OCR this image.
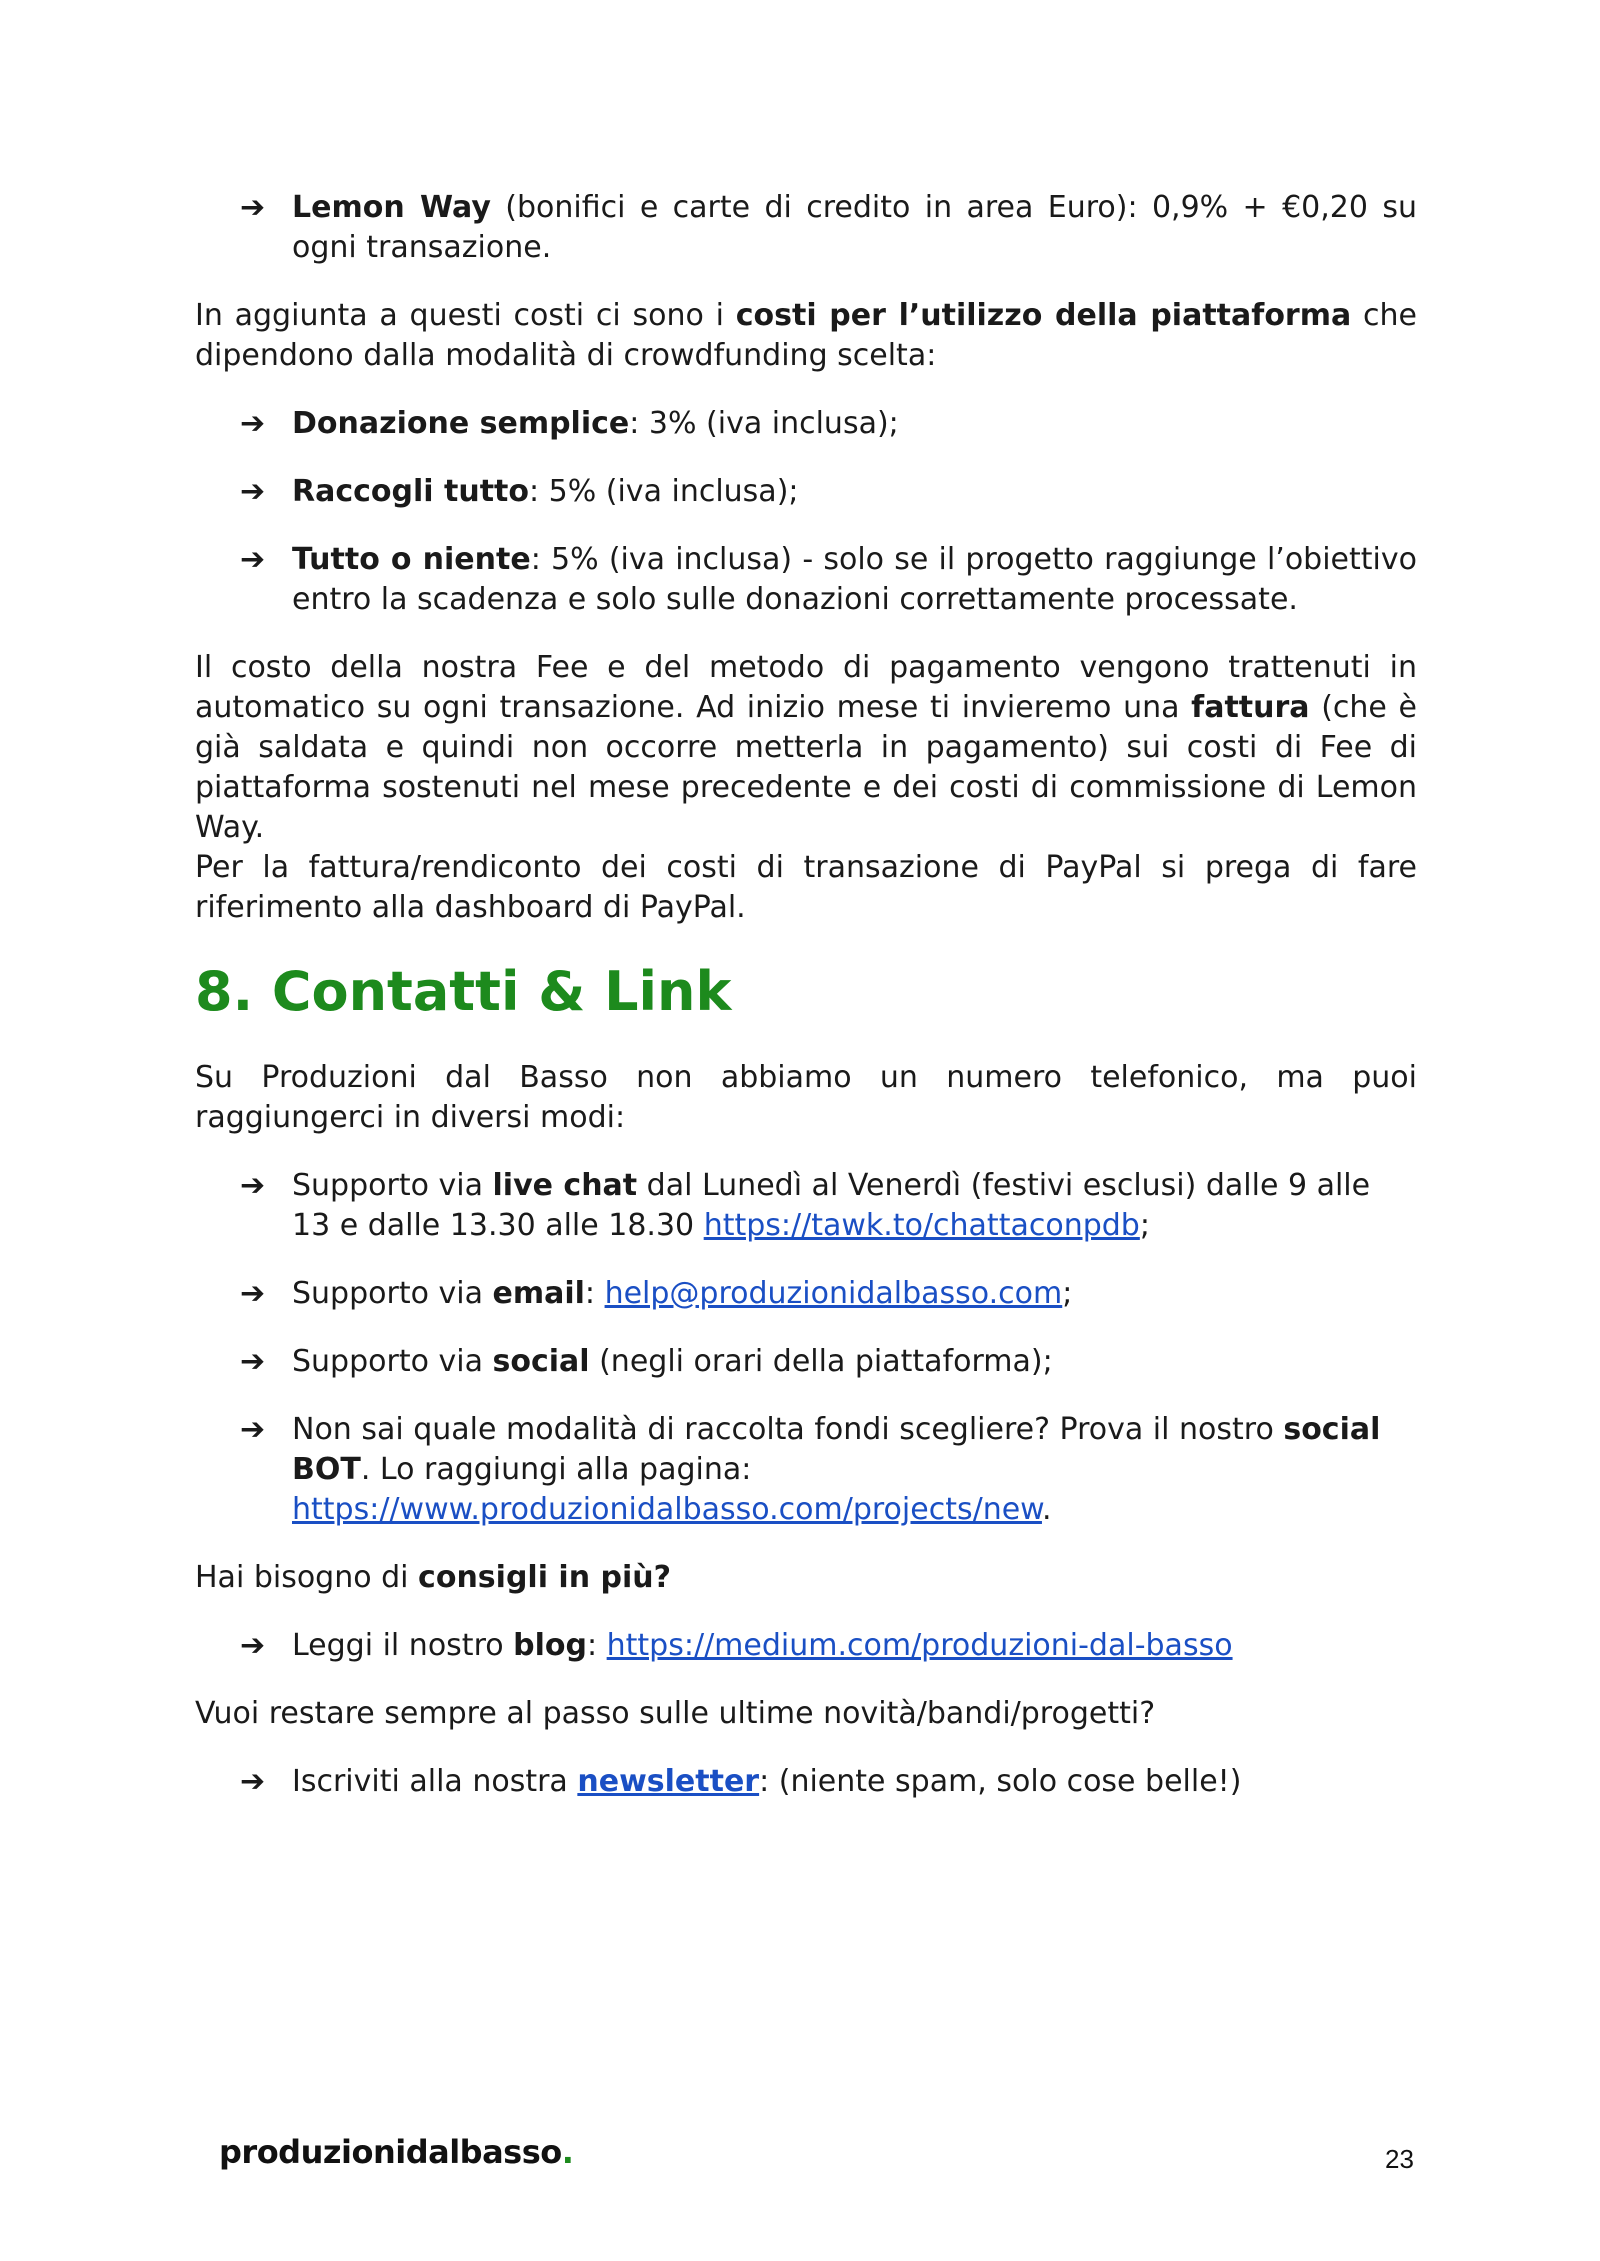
➔ Lemon Way (bonifici e carte di credito in area Euro): 0,9% + €0,20 su ogni transazione.

In aggiunta a questi costi ci sono i costi per l’utilizzo della piattaforma che dipendono dalla modalità di crowdfunding scelta:

➔ Donazione semplice: 3% (iva inclusa);

➔ Raccogli tutto: 5% (iva inclusa);

➔ Tutto o niente: 5% (iva inclusa) - solo se il progetto raggiunge l’obiettivo entro la scadenza e solo sulle donazioni correttamente processate.

Il costo della nostra Fee e del metodo di pagamento vengono trattenuti in automatico su ogni transazione. Ad inizio mese ti invieremo una fattura (che è già saldata e quindi non occorre metterla in pagamento) sui costi di Fee di piattaforma sostenuti nel mese precedente e dei costi di commissione di Lemon Way.

Per la fattura/rendiconto dei costi di transazione di PayPal si prega di fare riferimento alla dashboard di PayPal.

8. Contatti & Link

Su Produzioni dal Basso non abbiamo un numero telefonico, ma puoi raggiungerci in diversi modi:

➔ Supporto via live chat dal Lunedì al Venerdì (festivi esclusi) dalle 9 alle 13 e dalle 13.30 alle 18.30 https://tawk.to/chattaconpdb;

➔ Supporto via email: help@produzionidalbasso.com;

➔ Supporto via social (negli orari della piattaforma);

➔ Non sai quale modalità di raccolta fondi scegliere? Prova il nostro social BOT. Lo raggiungi alla pagina: https://www.produzionidalbasso.com/projects/new.

Hai bisogno di consigli in più?

➔ Leggi il nostro blog: https://medium.com/produzioni-dal-basso

Vuoi restare sempre al passo sulle ultime novità/bandi/progetti?

➔ Iscriviti alla nostra newsletter: (niente spam, solo cose belle!)

produzionidalbasso.	23
